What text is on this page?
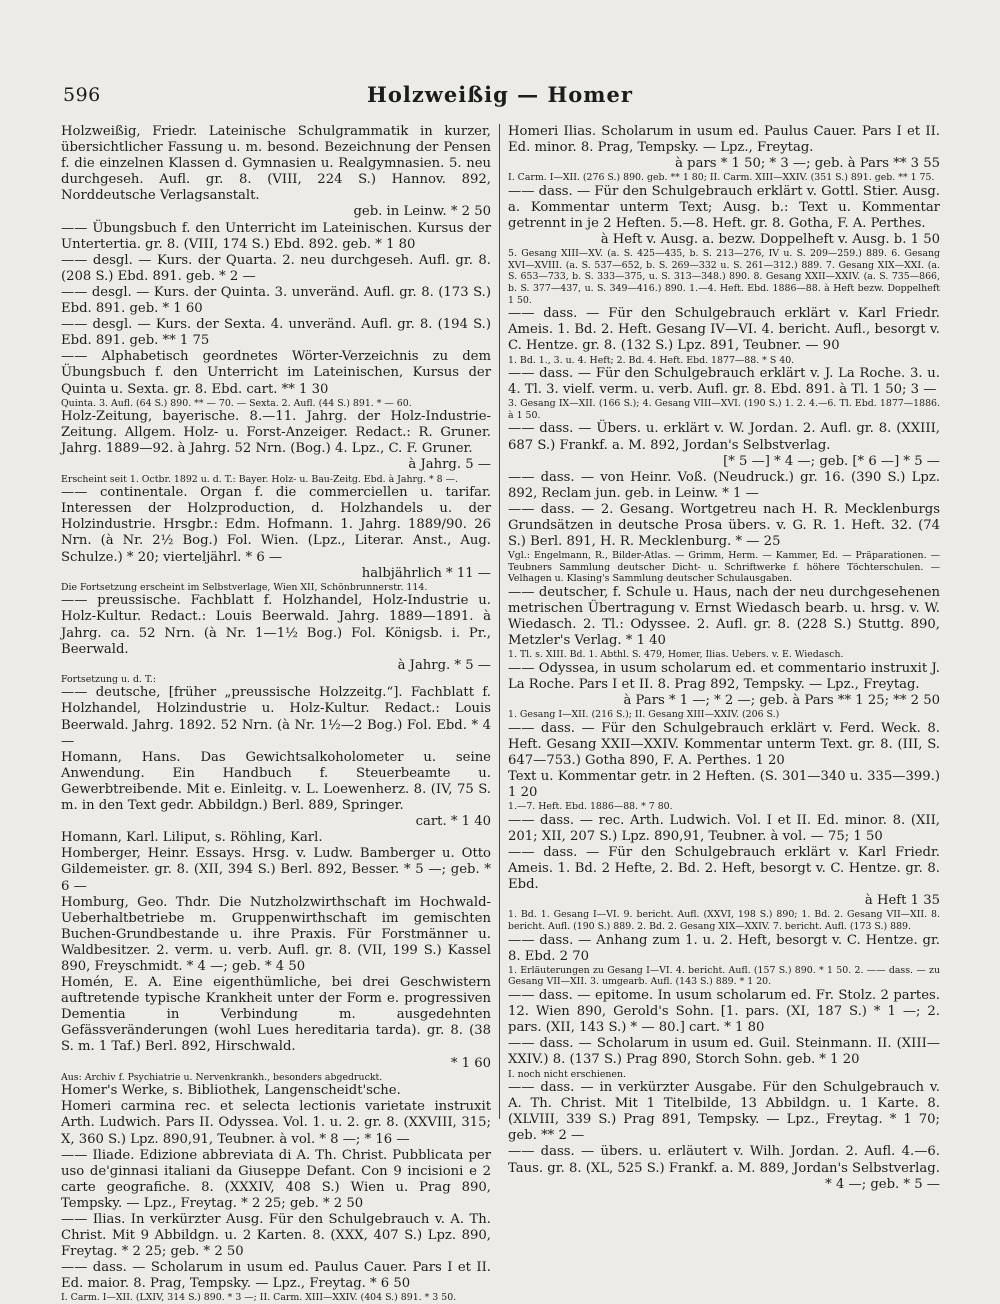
596	Holzweißig — Homer

Holzweißig, Friedr. Lateinische Schulgrammatik in kurzer, übersichtlicher Fassung u. m. besond. Bezeichnung der Pensen f. die einzelnen Klassen d. Gymnasien u. Realgymnasien. 5. neu durchgeseh. Aufl. gr. 8. (VIII, 224 S.) Hannov. 892, Norddeutsche Verlagsanstalt.

geb. in Leinw. * 2 50

—— Übungsbuch f. den Unterricht im Lateinischen. Kursus der Untertertia. gr. 8. (VIII, 174 S.) Ebd. 892. geb. * 1 80

—— desgl. — Kurs. der Quarta. 2. neu durchgeseh. Aufl. gr. 8. (208 S.) Ebd. 891. geb. * 2 —

—— desgl. — Kurs. der Quinta. 3. unveränd. Aufl. gr. 8. (173 S.) Ebd. 891. geb. * 1 60

—— desgl. — Kurs. der Sexta. 4. unveränd. Aufl. gr. 8. (194 S.) Ebd. 891. geb. ** 1 75

—— Alphabetisch geordnetes Wörter-Verzeichnis zu dem Übungsbuch f. den Unterricht im Lateinischen, Kursus der Quinta u. Sexta. gr. 8. Ebd. cart. ** 1 30

Quinta. 3. Aufl. (64 S.) 890. ** — 70. — Sexta. 2. Aufl. (44 S.) 891. * — 60.

Holz-Zeitung, bayerische. 8.—11. Jahrg. der Holz-Industrie-Zeitung. Allgem. Holz- u. Forst-Anzeiger. Redact.: R. Gruner. Jahrg. 1889—92. à Jahrg. 52 Nrn. (Bog.) 4. Lpz., C. F. Gruner.

à Jahrg. 5 —

Erscheint seit 1. Octbr. 1892 u. d. T.: Bayer. Holz- u. Bau-Zeitg. Ebd. à Jahrg. * 8 —.

—— continentale. Organ f. die commerciellen u. tarifar. Interessen der Holzproduction, d. Holzhandels u. der Holzindustrie. Hrsgbr.: Edm. Hofmann. 1. Jahrg. 1889/90. 26 Nrn. (à Nr. 2½ Bog.) Fol. Wien. (Lpz., Literar. Anst., Aug. Schulze.) * 20; vierteljährl. * 6 —

halbjährlich * 11 —

Die Fortsetzung erscheint im Selbstverlage, Wien XII, Schönbrunnerstr. 114.

—— preussische. Fachblatt f. Holzhandel, Holz-Industrie u. Holz-Kultur. Redact.: Louis Beerwald. Jahrg. 1889—1891. à Jahrg. ca. 52 Nrn. (à Nr. 1—1½ Bog.) Fol. Königsb. i. Pr., Beerwald.

à Jahrg. * 5 —

Fortsetzung u. d. T.:

—— deutsche, [früher „preussische Holzzeitg.“]. Fachblatt f. Holzhandel, Holzindustrie u. Holz-Kultur. Redact.: Louis Beerwald. Jahrg. 1892. 52 Nrn. (à Nr. 1½—2 Bog.) Fol. Ebd. * 4 —

Homann, Hans. Das Gewichtsalkoholometer u. seine Anwendung. Ein Handbuch f. Steuerbeamte u. Gewerbtreibende. Mit e. Einleitg. v. L. Loewenherz. 8. (IV, 75 S. m. in den Text gedr. Abbildgn.) Berl. 889, Springer.

cart. * 1 40

Homann, Karl. Liliput, s. Röhling, Karl.

Homberger, Heinr. Essays. Hrsg. v. Ludw. Bamberger u. Otto Gildemeister. gr. 8. (XII, 394 S.) Berl. 892, Besser. * 5 —; geb. * 6 —

Homburg, Geo. Thdr. Die Nutzholzwirthschaft im Hochwald-Ueberhaltbetriebe m. Gruppenwirthschaft im gemischten Buchen-Grundbestande u. ihre Praxis. Für Forstmänner u. Waldbesitzer. 2. verm. u. verb. Aufl. gr. 8. (VII, 199 S.) Kassel 890, Freyschmidt. * 4 —; geb. * 4 50

Homén, E. A. Eine eigenthümliche, bei drei Geschwistern auftretende typische Krankheit unter der Form e. progressiven Dementia in Verbindung m. ausgedehnten Gefässveränderungen (wohl Lues hereditaria tarda). gr. 8. (38 S. m. 1 Taf.) Berl. 892, Hirschwald.

* 1 60

Aus: Archiv f. Psychiatrie u. Nervenkrankh., besonders abgedruckt.

Homer's Werke, s. Bibliothek, Langenscheidt'sche.

Homeri carmina rec. et selecta lectionis varietate instruxit Arth. Ludwich. Pars II. Odyssea. Vol. 1. u. 2. gr. 8. (XXVIII, 315; X, 360 S.) Lpz. 890,91, Teubner. à vol. * 8 —; * 16 —

—— Iliade. Edizione abbreviata di A. Th. Christ. Pubblicata per uso de'ginnasi italiani da Giuseppe Defant. Con 9 incisioni e 2 carte geografiche. 8. (XXXIV, 408 S.) Wien u. Prag 890, Tempsky. — Lpz., Freytag. * 2 25; geb. * 2 50

—— Ilias. In verkürzter Ausg. Für den Schulgebrauch v. A. Th. Christ. Mit 9 Abbildgn. u. 2 Karten. 8. (XXX, 407 S.) Lpz. 890, Freytag. * 2 25; geb. * 2 50

—— dass. — Scholarum in usum ed. Paulus Cauer. Pars I et II. Ed. maior. 8. Prag, Tempsky. — Lpz., Freytag. * 6 50

I. Carm. I—XII. (LXIV, 314 S.) 890. * 3 —; II. Carm. XIII—XXIV. (404 S.) 891. * 3 50.

Homeri Ilias. Scholarum in usum ed. Paulus Cauer. Pars I et II. Ed. minor. 8. Prag, Tempsky. — Lpz., Freytag.

à pars * 1 50; * 3 —; geb. à Pars ** 3 55

I. Carm. I—XII. (276 S.) 890. geb. ** 1 80; II. Carm. XIII—XXIV. (351 S.) 891. geb. ** 1 75.

—— dass. — Für den Schulgebrauch erklärt v. Gottl. Stier. Ausg. a. Kommentar unterm Text; Ausg. b.: Text u. Kommentar getrennt in je 2 Heften. 5.—8. Heft. gr. 8. Gotha, F. A. Perthes.

à Heft v. Ausg. a. bezw. Doppelheft v. Ausg. b. 1 50

5. Gesang XIII—XV. (a. S. 425—435, b. S. 213—276, IV u. S. 209—259.) 889. 6. Gesang XVI—XVIII. (a. S. 537—652, b. S. 269—332 u. S. 261—312.) 889. 7. Gesang XIX—XXI. (a. S. 653—733, b. S. 333—375, u. S. 313—348.) 890. 8. Gesang XXII—XXIV. (a. S. 735—866, b. S. 377—437, u. S. 349—416.) 890. 1.—4. Heft. Ebd. 1886—88. à Heft bezw. Doppelheft 1 50.

—— dass. — Für den Schulgebrauch erklärt v. Karl Friedr. Ameis. 1. Bd. 2. Heft. Gesang IV—VI. 4. bericht. Aufl., besorgt v. C. Hentze. gr. 8. (132 S.) Lpz. 891, Teubner. — 90

1. Bd. 1., 3. u. 4. Heft; 2. Bd. 4. Heft. Ebd. 1877—88. * S 40.

—— dass. — Für den Schulgebrauch erklärt v. J. La Roche. 3. u. 4. Tl. 3. vielf. verm. u. verb. Aufl. gr. 8. Ebd. 891. à Tl. 1 50; 3 —

3. Gesang IX—XII. (166 S.); 4. Gesang VIII—XVI. (190 S.) 1. 2. 4.—6. Tl. Ebd. 1877—1886. à 1 50.

—— dass. — Übers. u. erklärt v. W. Jordan. 2. Aufl. gr. 8. (XXIII, 687 S.) Frankf. a. M. 892, Jordan's Selbstverlag.

[* 5 —] * 4 —; geb. [* 6 —] * 5 —

—— dass. — von Heinr. Voß. (Neudruck.) gr. 16. (390 S.) Lpz. 892, Reclam jun. geb. in Leinw. * 1 —

—— dass. — 2. Gesang. Wortgetreu nach H. R. Mecklenburgs Grundsätzen in deutsche Prosa übers. v. G. R. 1. Heft. 32. (74 S.) Berl. 891, H. R. Mecklenburg. * — 25

Vgl.: Engelmann, R., Bilder-Atlas. — Grimm, Herm. — Kammer, Ed. — Präparationen. — Teubners Sammlung deutscher Dicht- u. Schriftwerke f. höhere Töchterschulen. — Velhagen u. Klasing's Sammlung deutscher Schulausgaben.

—— deutscher, f. Schule u. Haus, nach der neu durchgesehenen metrischen Übertragung v. Ernst Wiedasch bearb. u. hrsg. v. W. Wiedasch. 2. Tl.: Odyssee. 2. Aufl. gr. 8. (228 S.) Stuttg. 890, Metzler's Verlag. * 1 40

1. Tl. s. XIII. Bd. 1. Abthl. S. 479, Homer, Ilias. Uebers. v. E. Wiedasch.

—— Odyssea, in usum scholarum ed. et commentario instruxit J. La Roche. Pars I et II. 8. Prag 892, Tempsky. — Lpz., Freytag.

à Pars * 1 —; * 2 —; geb. à Pars ** 1 25; ** 2 50

1. Gesang I—XII. (216 S.); II. Gesang XIII—XXIV. (206 S.)

—— dass. — Für den Schulgebrauch erklärt v. Ferd. Weck. 8. Heft. Gesang XXII—XXIV. Kommentar unterm Text. gr. 8. (III, S. 647—753.) Gotha 890, F. A. Perthes. 1 20

Text u. Kommentar getr. in 2 Heften. (S. 301—340 u. 335—399.) 1 20

1.—7. Heft. Ebd. 1886—88. * 7 80.

—— dass. — rec. Arth. Ludwich. Vol. I et II. Ed. minor. 8. (XII, 201; XII, 207 S.) Lpz. 890,91, Teubner. à vol. — 75; 1 50

—— dass. — Für den Schulgebrauch erklärt v. Karl Friedr. Ameis. 1. Bd. 2 Hefte, 2. Bd. 2. Heft, besorgt v. C. Hentze. gr. 8. Ebd.

à Heft 1 35

1. Bd. 1. Gesang I—VI. 9. bericht. Aufl. (XXVI, 198 S.) 890; 1. Bd. 2. Gesang VII—XII. 8. bericht. Aufl. (190 S.) 889. 2. Bd. 2. Gesang XIX—XXIV. 7. bericht. Aufl. (173 S.) 889.

—— dass. — Anhang zum 1. u. 2. Heft, besorgt v. C. Hentze. gr. 8. Ebd. 2 70

1. Erläuterungen zu Gesang I—VI. 4. bericht. Aufl. (157 S.) 890. * 1 50. 2. —— dass. — zu Gesang VII—XII. 3. umgearb. Aufl. (143 S.) 889. * 1 20.

—— dass. — epitome. In usum scholarum ed. Fr. Stolz. 2 partes. 12. Wien 890, Gerold's Sohn. [1. pars. (XI, 187 S.) * 1 —; 2. pars. (XII, 143 S.) * — 80.] cart. * 1 80

—— dass. — Scholarum in usum ed. Guil. Steinmann. II. (XIII—XXIV.) 8. (137 S.) Prag 890, Storch Sohn. geb. * 1 20

I. noch nicht erschienen.

—— dass. — in verkürzter Ausgabe. Für den Schulgebrauch v. A. Th. Christ. Mit 1 Titelbilde, 13 Abbildgn. u. 1 Karte. 8. (XLVIII, 339 S.) Prag 891, Tempsky. — Lpz., Freytag. * 1 70; geb. ** 2 —

—— dass. — übers. u. erläutert v. Wilh. Jordan. 2. Aufl. 4.—6. Taus. gr. 8. (XL, 525 S.) Frankf. a. M. 889, Jordan's Selbstverlag.

* 4 —; geb. * 5 —
